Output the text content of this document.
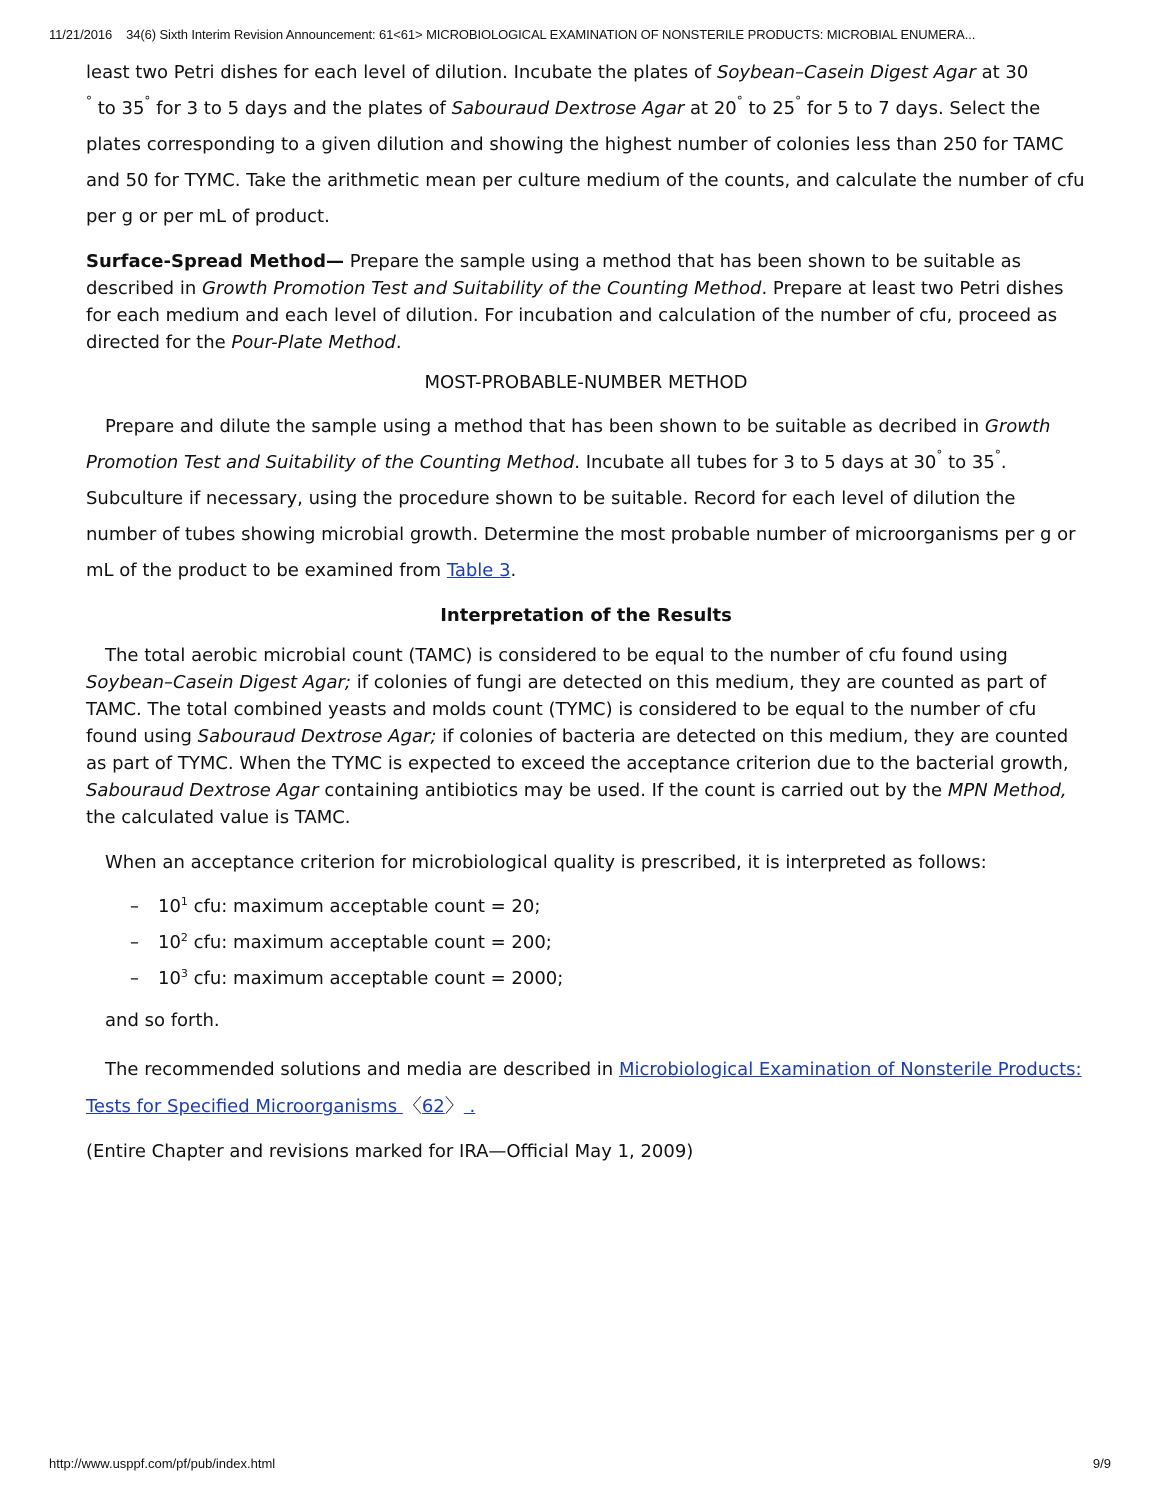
11/21/2016 34(6) Sixth Interim Revision Announcement: 61<61> MICROBIOLOGICAL EXAMINATION OF NONSTERILE PRODUCTS: MICROBIAL ENUMERA...

least two Petri dishes for each level of dilution. Incubate the plates of Soybean–Casein Digest Agar at 30
° to 35° for 3 to 5 days and the plates of Sabouraud Dextrose Agar at 20° to 25° for 5 to 7 days. Select the plates corresponding to a given dilution and showing the highest number of colonies less than 250 for TAMC and 50 for TYMC. Take the arithmetic mean per culture medium of the counts, and calculate the number of cfu per g or per mL of product.

Surface-Spread Method— Prepare the sample using a method that has been shown to be suitable as described in Growth Promotion Test and Suitability of the Counting Method. Prepare at least two Petri dishes for each medium and each level of dilution. For incubation and calculation of the number of cfu, proceed as directed for the Pour-Plate Method.

MOST-PROBABLE-NUMBER METHOD

Prepare and dilute the sample using a method that has been shown to be suitable as decribed in Growth Promotion Test and Suitability of the Counting Method. Incubate all tubes for 3 to 5 days at 30° to 35°. Subculture if necessary, using the procedure shown to be suitable. Record for each level of dilution the number of tubes showing microbial growth. Determine the most probable number of microorganisms per g or mL of the product to be examined from Table 3.

Interpretation of the Results

The total aerobic microbial count (TAMC) is considered to be equal to the number of cfu found using Soybean–Casein Digest Agar; if colonies of fungi are detected on this medium, they are counted as part of TAMC. The total combined yeasts and molds count (TYMC) is considered to be equal to the number of cfu found using Sabouraud Dextrose Agar; if colonies of bacteria are detected on this medium, they are counted as part of TYMC. When the TYMC is expected to exceed the acceptance criterion due to the bacterial growth, Sabouraud Dextrose Agar containing antibiotics may be used. If the count is carried out by the MPN Method, the calculated value is TAMC.

When an acceptance criterion for microbiological quality is prescribed, it is interpreted as follows:

– $10^1$ cfu: maximum acceptable count = 20;
– $10^2$ cfu: maximum acceptable count = 200;
– $10^3$ cfu: maximum acceptable count = 2000;

and so forth.

The recommended solutions and media are described in Microbiological Examination of Nonsterile Products: Tests for Specified Microorganisms 〈62〉 .

(Entire Chapter and revisions marked for IRA—Official May 1, 2009)

http://www.usppf.com/pf/pub/index.html	9/9
